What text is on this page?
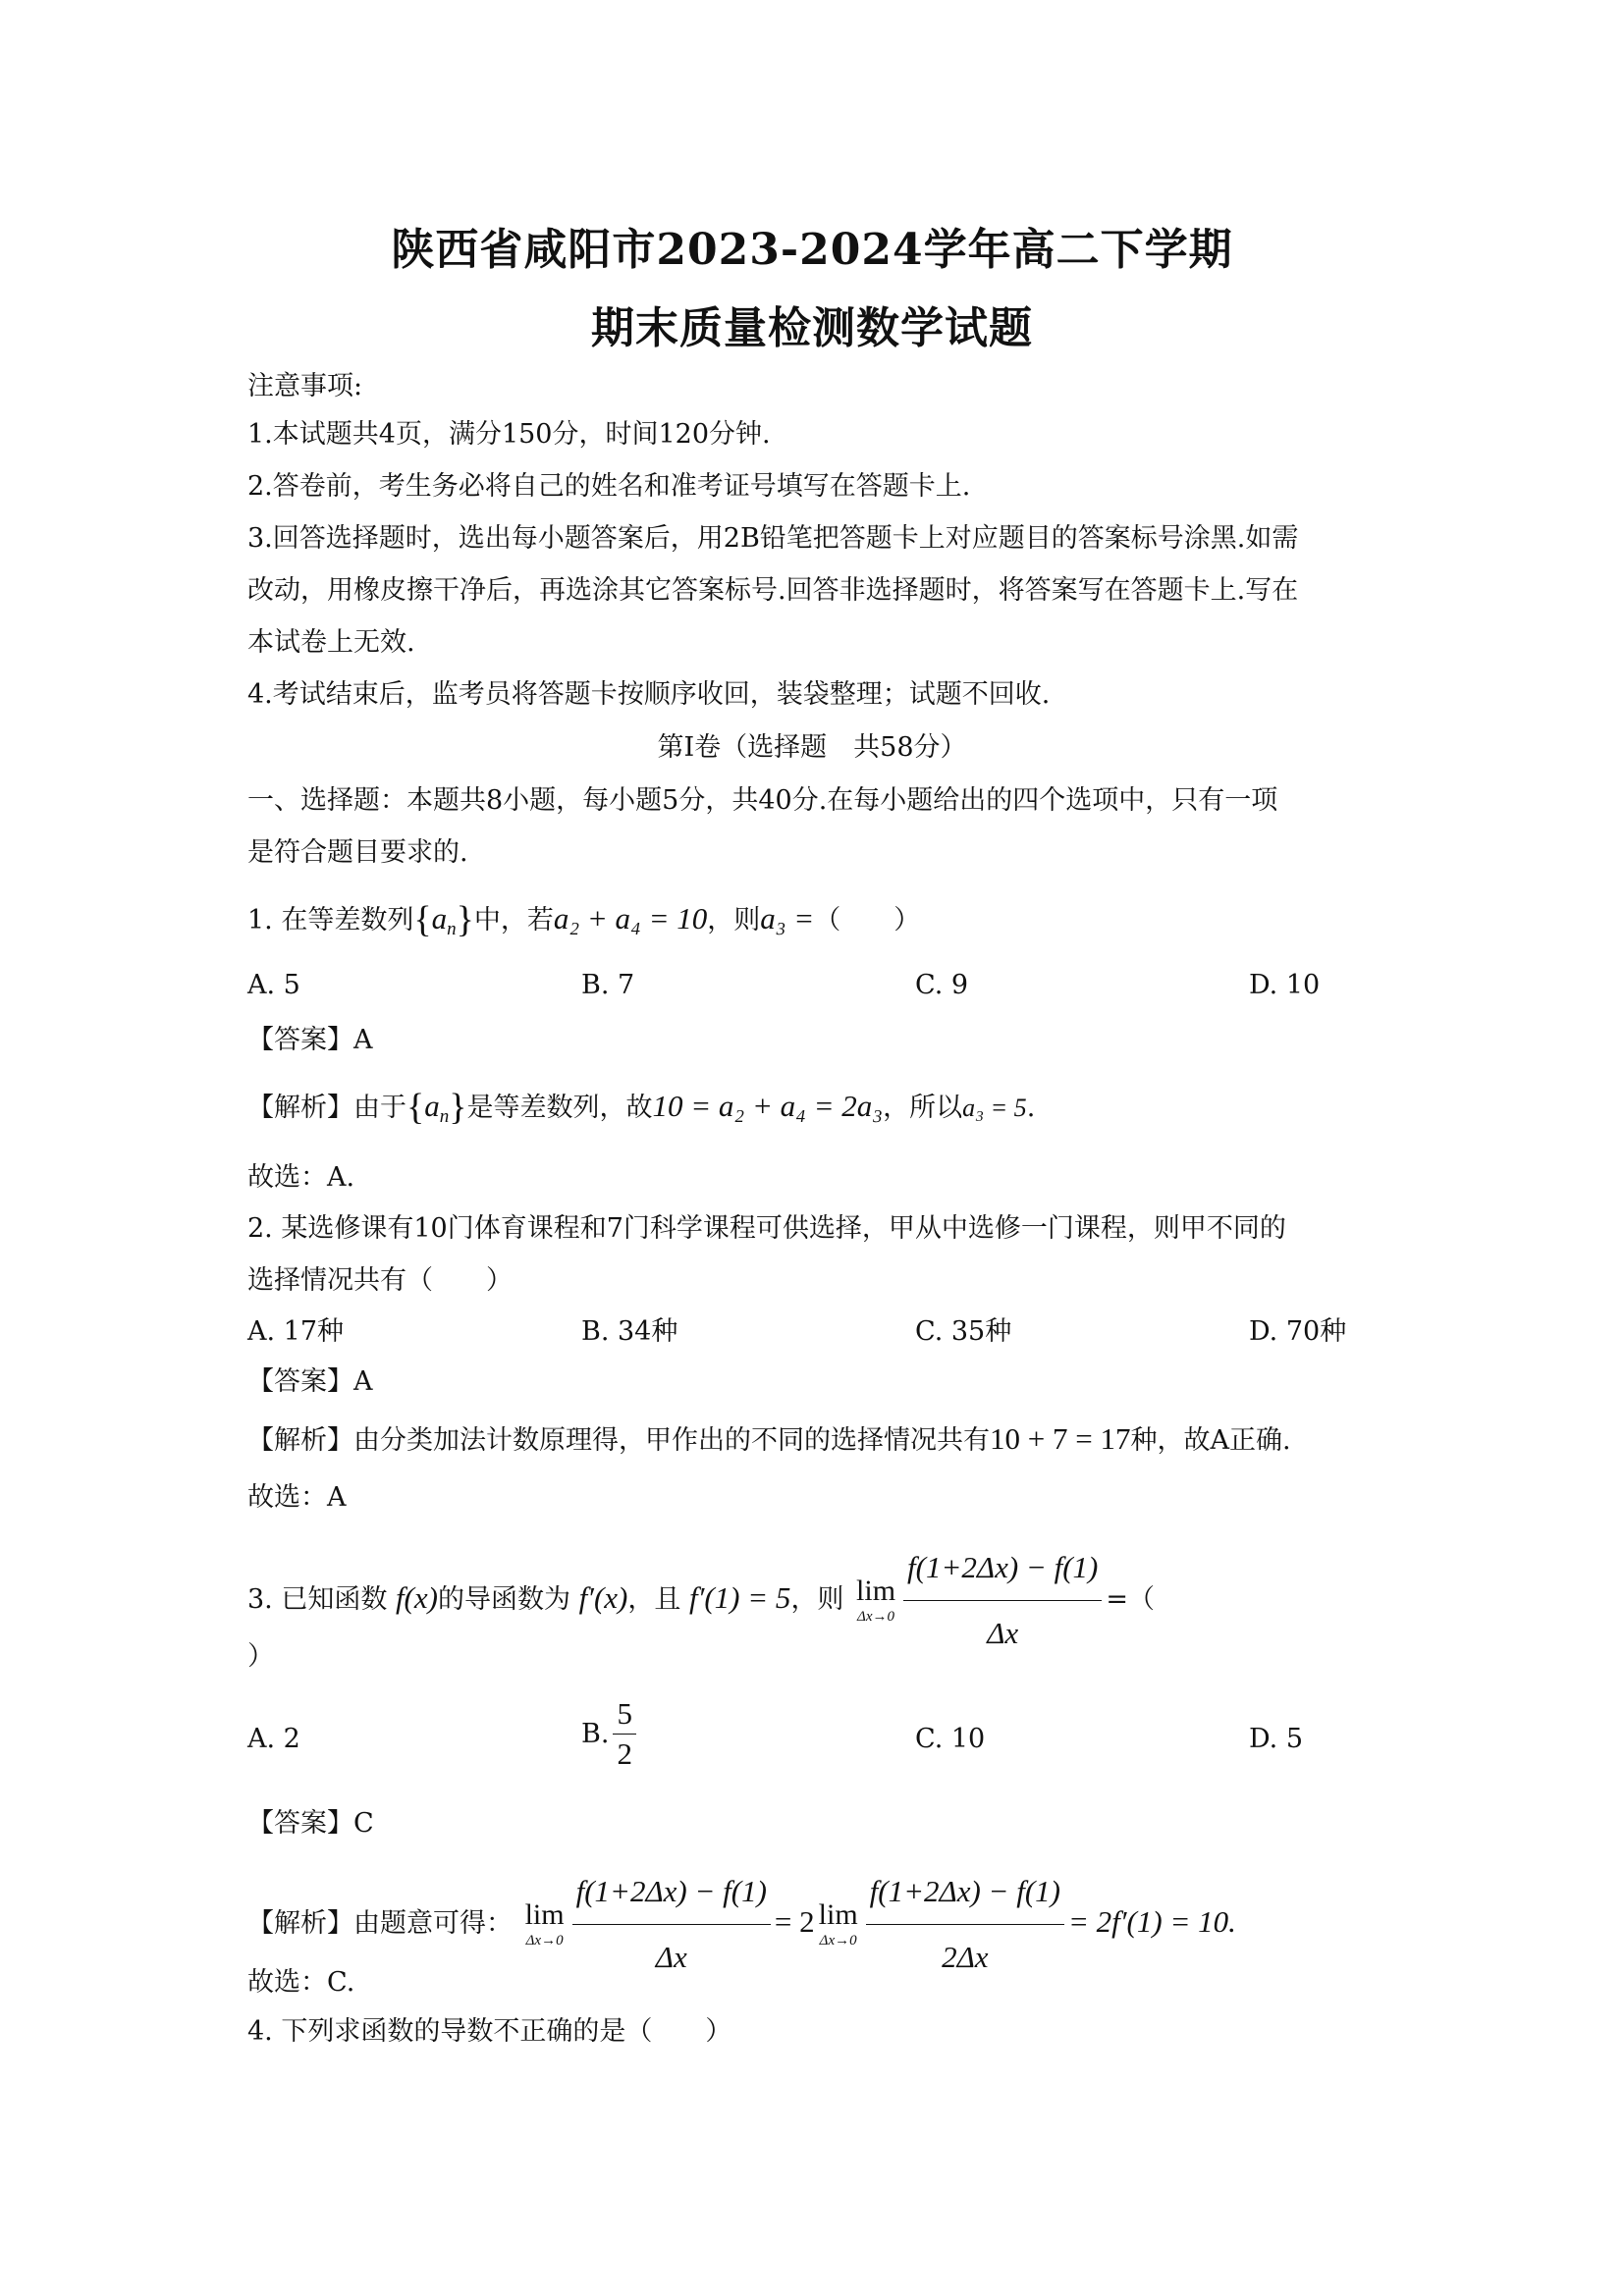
陕西省咸阳市2023-2024学年高二下学期
期末质量检测数学试题
注意事项:
1.本试题共4页，满分150分，时间120分钟.
2.答卷前，考生务必将自己的姓名和准考证号填写在答题卡上.
3.回答选择题时，选出每小题答案后，用2B铅笔把答题卡上对应题目的答案标号涂黑.如需
改动，用橡皮擦干净后，再选涂其它答案标号.回答非选择题时，将答案写在答题卡上.写在
本试卷上无效.
4.考试结束后，监考员将答题卡按顺序收回，装袋整理；试题不回收.
第I卷（选择题　共58分）
一、选择题：本题共8小题，每小题5分，共40分.在每小题给出的四个选项中，只有一项
是符合题目要求的.
1. 在等差数列$\{a_n\}$中，若a₂ + a₄ = 10，则a₃ =（　　）
A. 5	B. 7	C. 9	D. 10
【答案】A
【解析】由于$\{a_n\}$是等差数列，故10 = a₂ + a₄ = 2a₃，所以a₃ = 5.
故选：A.
2. 某选修课有10门体育课程和7门科学课程可供选择，甲从中选修一门课程，则甲不同的
选择情况共有（　　）
A. 17种	B. 34种	C. 35种	D. 70种
【答案】A
【解析】由分类加法计数原理得，甲作出的不同的选择情况共有10 + 7 = 17种，故A正确.
故选：A
3. 已知函数 f(x)的导函数为 f′(x)，且 f′(1) = 5，则 lim
$\Delta x\to 0 \frac{f(1+2\Delta x) - f(1)}{\Delta x}$ =（
）
A. 2	B. $\frac{5}{2}$	C. 10	D. 5
【答案】C
【解析】由题意可得： lim
$\Delta x\to 0 \frac{f(1+2\Delta x) - f(1)}{\Delta x} = 2$ lim
$\Delta x\to 0 \frac{f(1+2\Delta x) - f(1)}{2\Delta x} = 2f'(1) = 10$.
故选：C.
4. 下列求函数的导数不正确的是（　　）
